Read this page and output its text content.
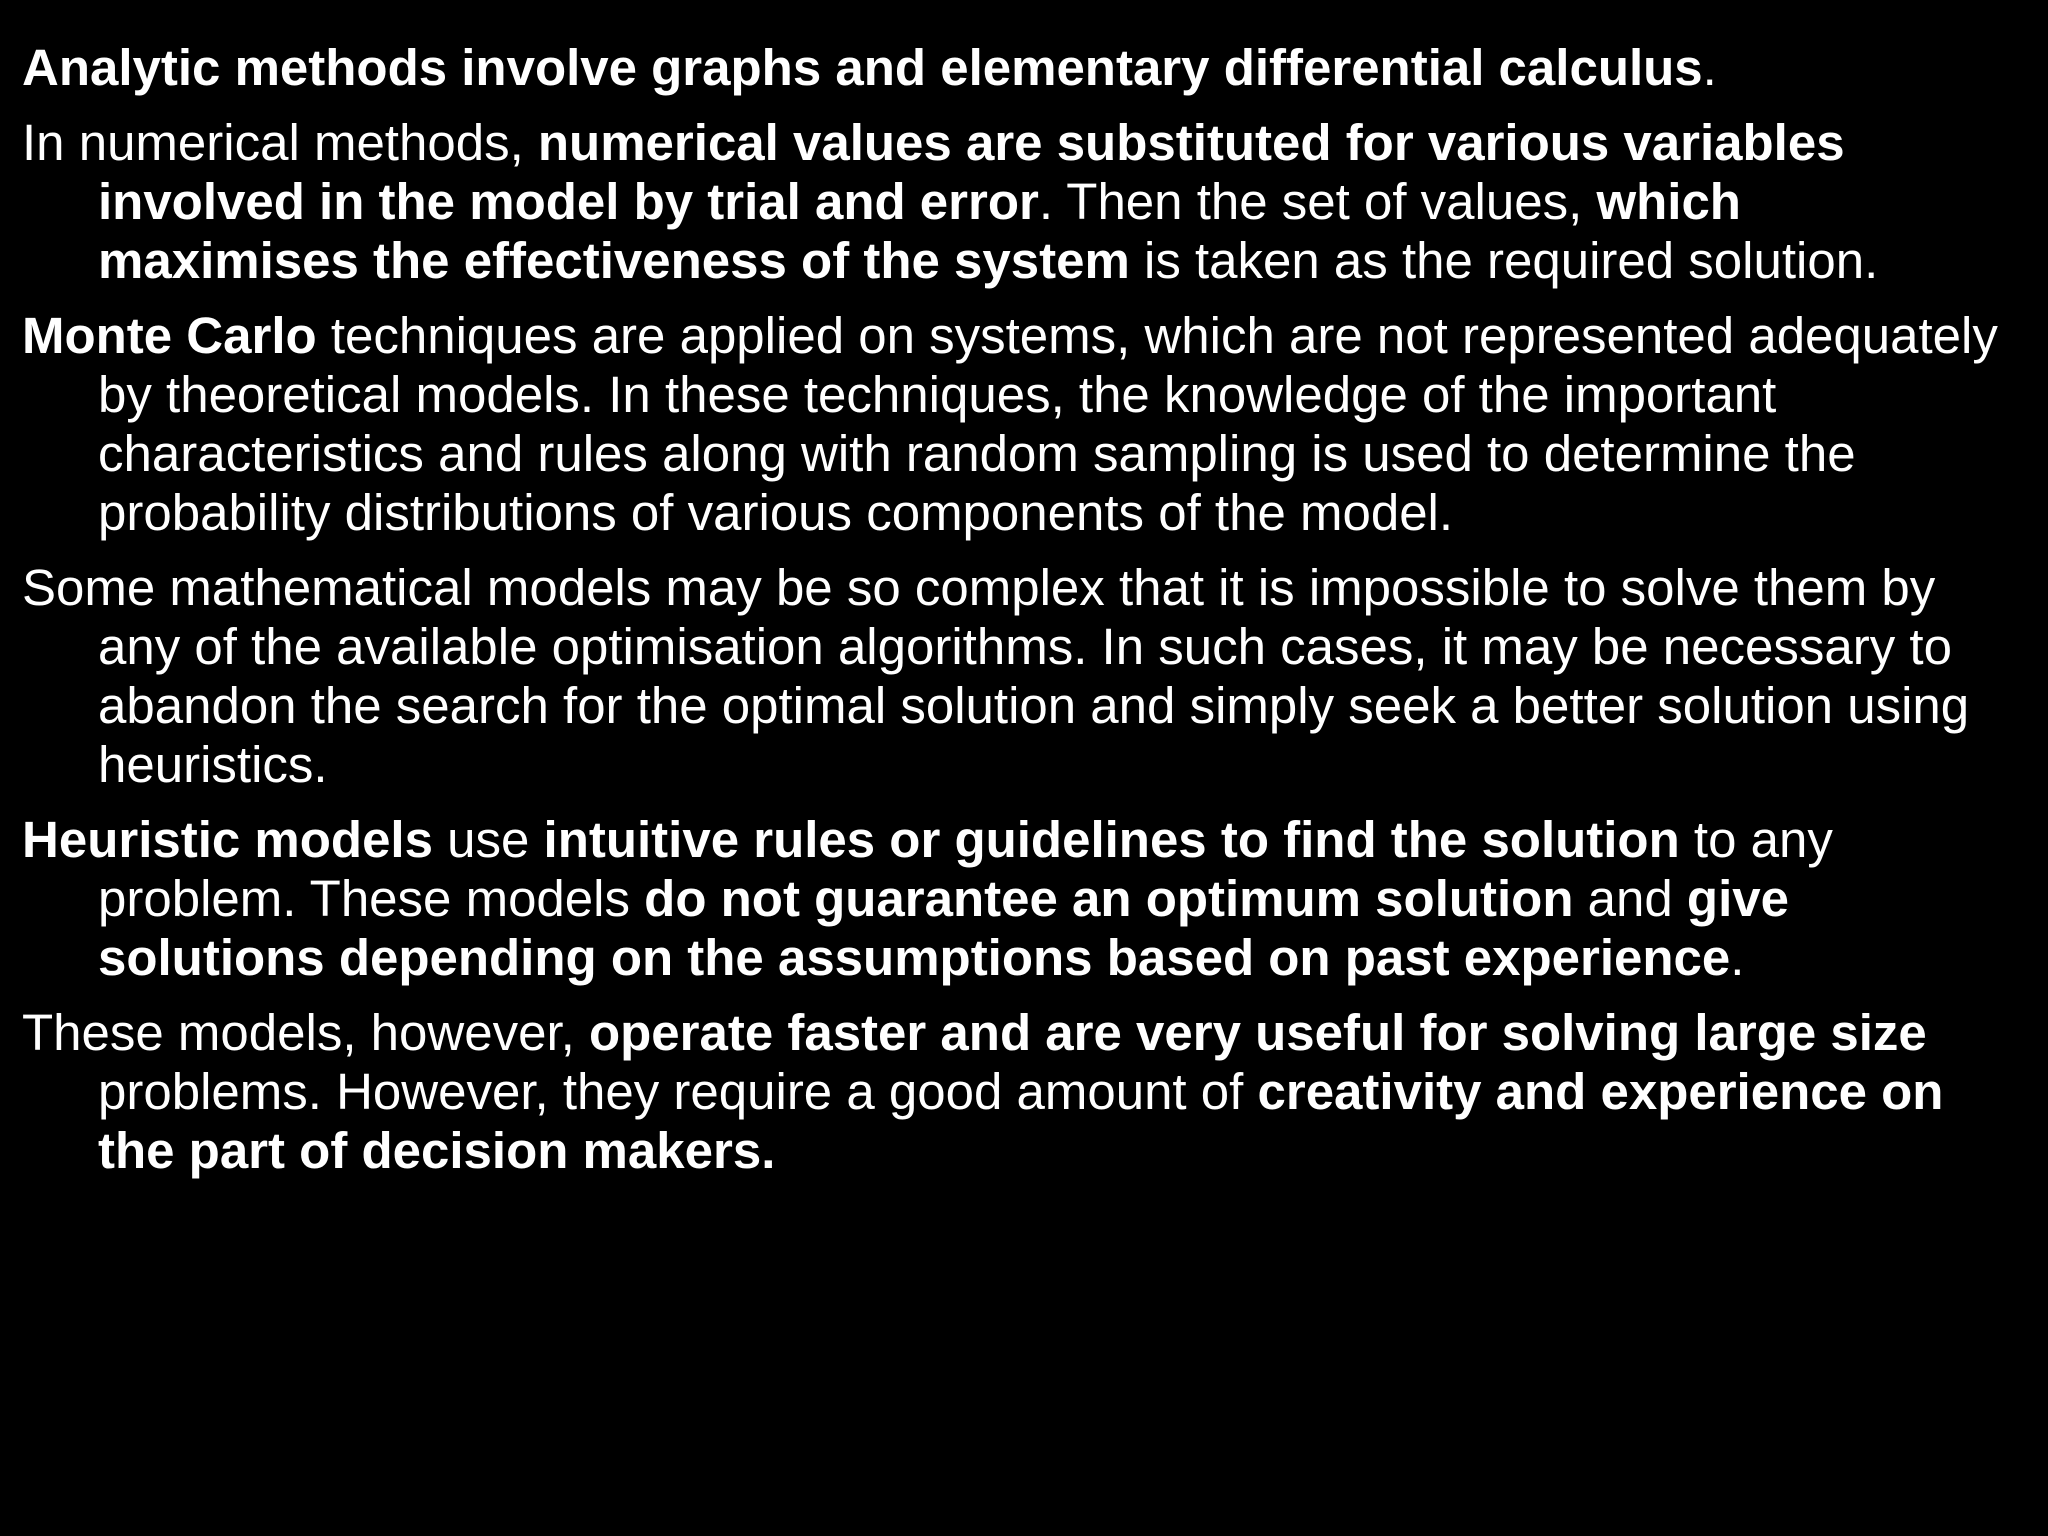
Analytic methods involve graphs and elementary differential calculus.

In numerical methods, numerical values are substituted for various variables involved in the model by trial and error. Then the set of values, which maximises the effectiveness of the system is taken as the required solution.

Monte Carlo techniques are applied on systems, which are not represented adequately by theoretical models. In these techniques, the knowledge of the important characteristics and rules along with random sampling is used to determine the probability distributions of various components of the model.

Some mathematical models may be so complex that it is impossible to solve them by any of the available optimisation algorithms. In such cases, it may be necessary to abandon the search for the optimal solution and simply seek a better solution using heuristics.

Heuristic models use intuitive rules or guidelines to find the solution to any problem. These models do not guarantee an optimum solution and give solutions depending on the assumptions based on past experience.

These models, however, operate faster and are very useful for solving large size problems. However, they require a good amount of creativity and experience on the part of decision makers.
